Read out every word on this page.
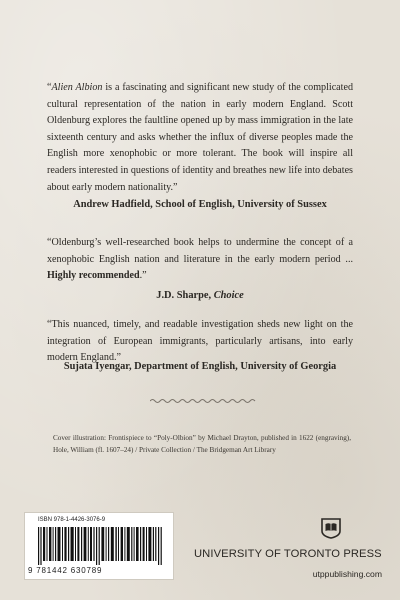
“Alien Albion is a fascinating and significant new study of the complicated cultural representation of the nation in early modern England. Scott Oldenburg explores the faultline opened up by mass immigration in the late sixteenth century and asks whether the influx of diverse peoples made the English more xenophobic or more tolerant. The book will inspire all readers interested in questions of identity and breathes new life into debates about early modern nationality.”

Andrew Hadfield, School of English, University of Sussex

“Oldenburg’s well-researched book helps to undermine the concept of a xenophobic English nation and literature in the early modern period ... Highly recommended.”

J.D. Sharpe, Choice

“This nuanced, timely, and readable investigation sheds new light on the integration of European immigrants, particularly artisans, into early modern England.”

Sujata Iyengar, Department of English, University of Georgia

Cover illustration: Frontispiece to “Poly-Olbion” by Michael Drayton, published in 1622 (engraving), Hole, William (fl. 1607–24) / Private Collection / The Bridgeman Art Library

ISBN 978-1-4426-3076-9
9 781442 630789
UNIVERSITY OF TORONTO PRESS
utppublishing.com
